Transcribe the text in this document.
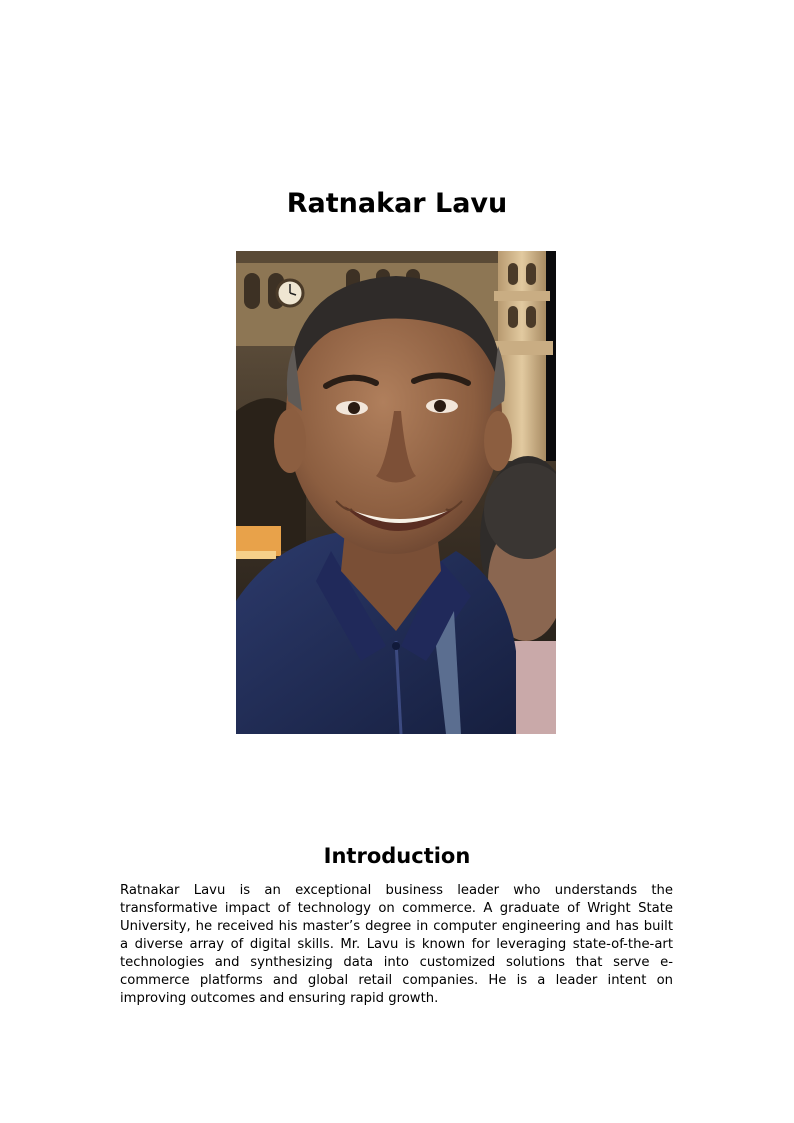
Ratnakar Lavu
Introduction

Ratnakar Lavu is an exceptional business leader who understands the transformative impact of technology on commerce. A graduate of Wright State University, he received his master’s degree in computer engineering and has built a diverse array of digital skills. Mr. Lavu is known for leveraging state-of-the-art technologies and synthesizing data into customized solutions that serve e-commerce platforms and global retail companies. He is a leader intent on improving outcomes and ensuring rapid growth.
